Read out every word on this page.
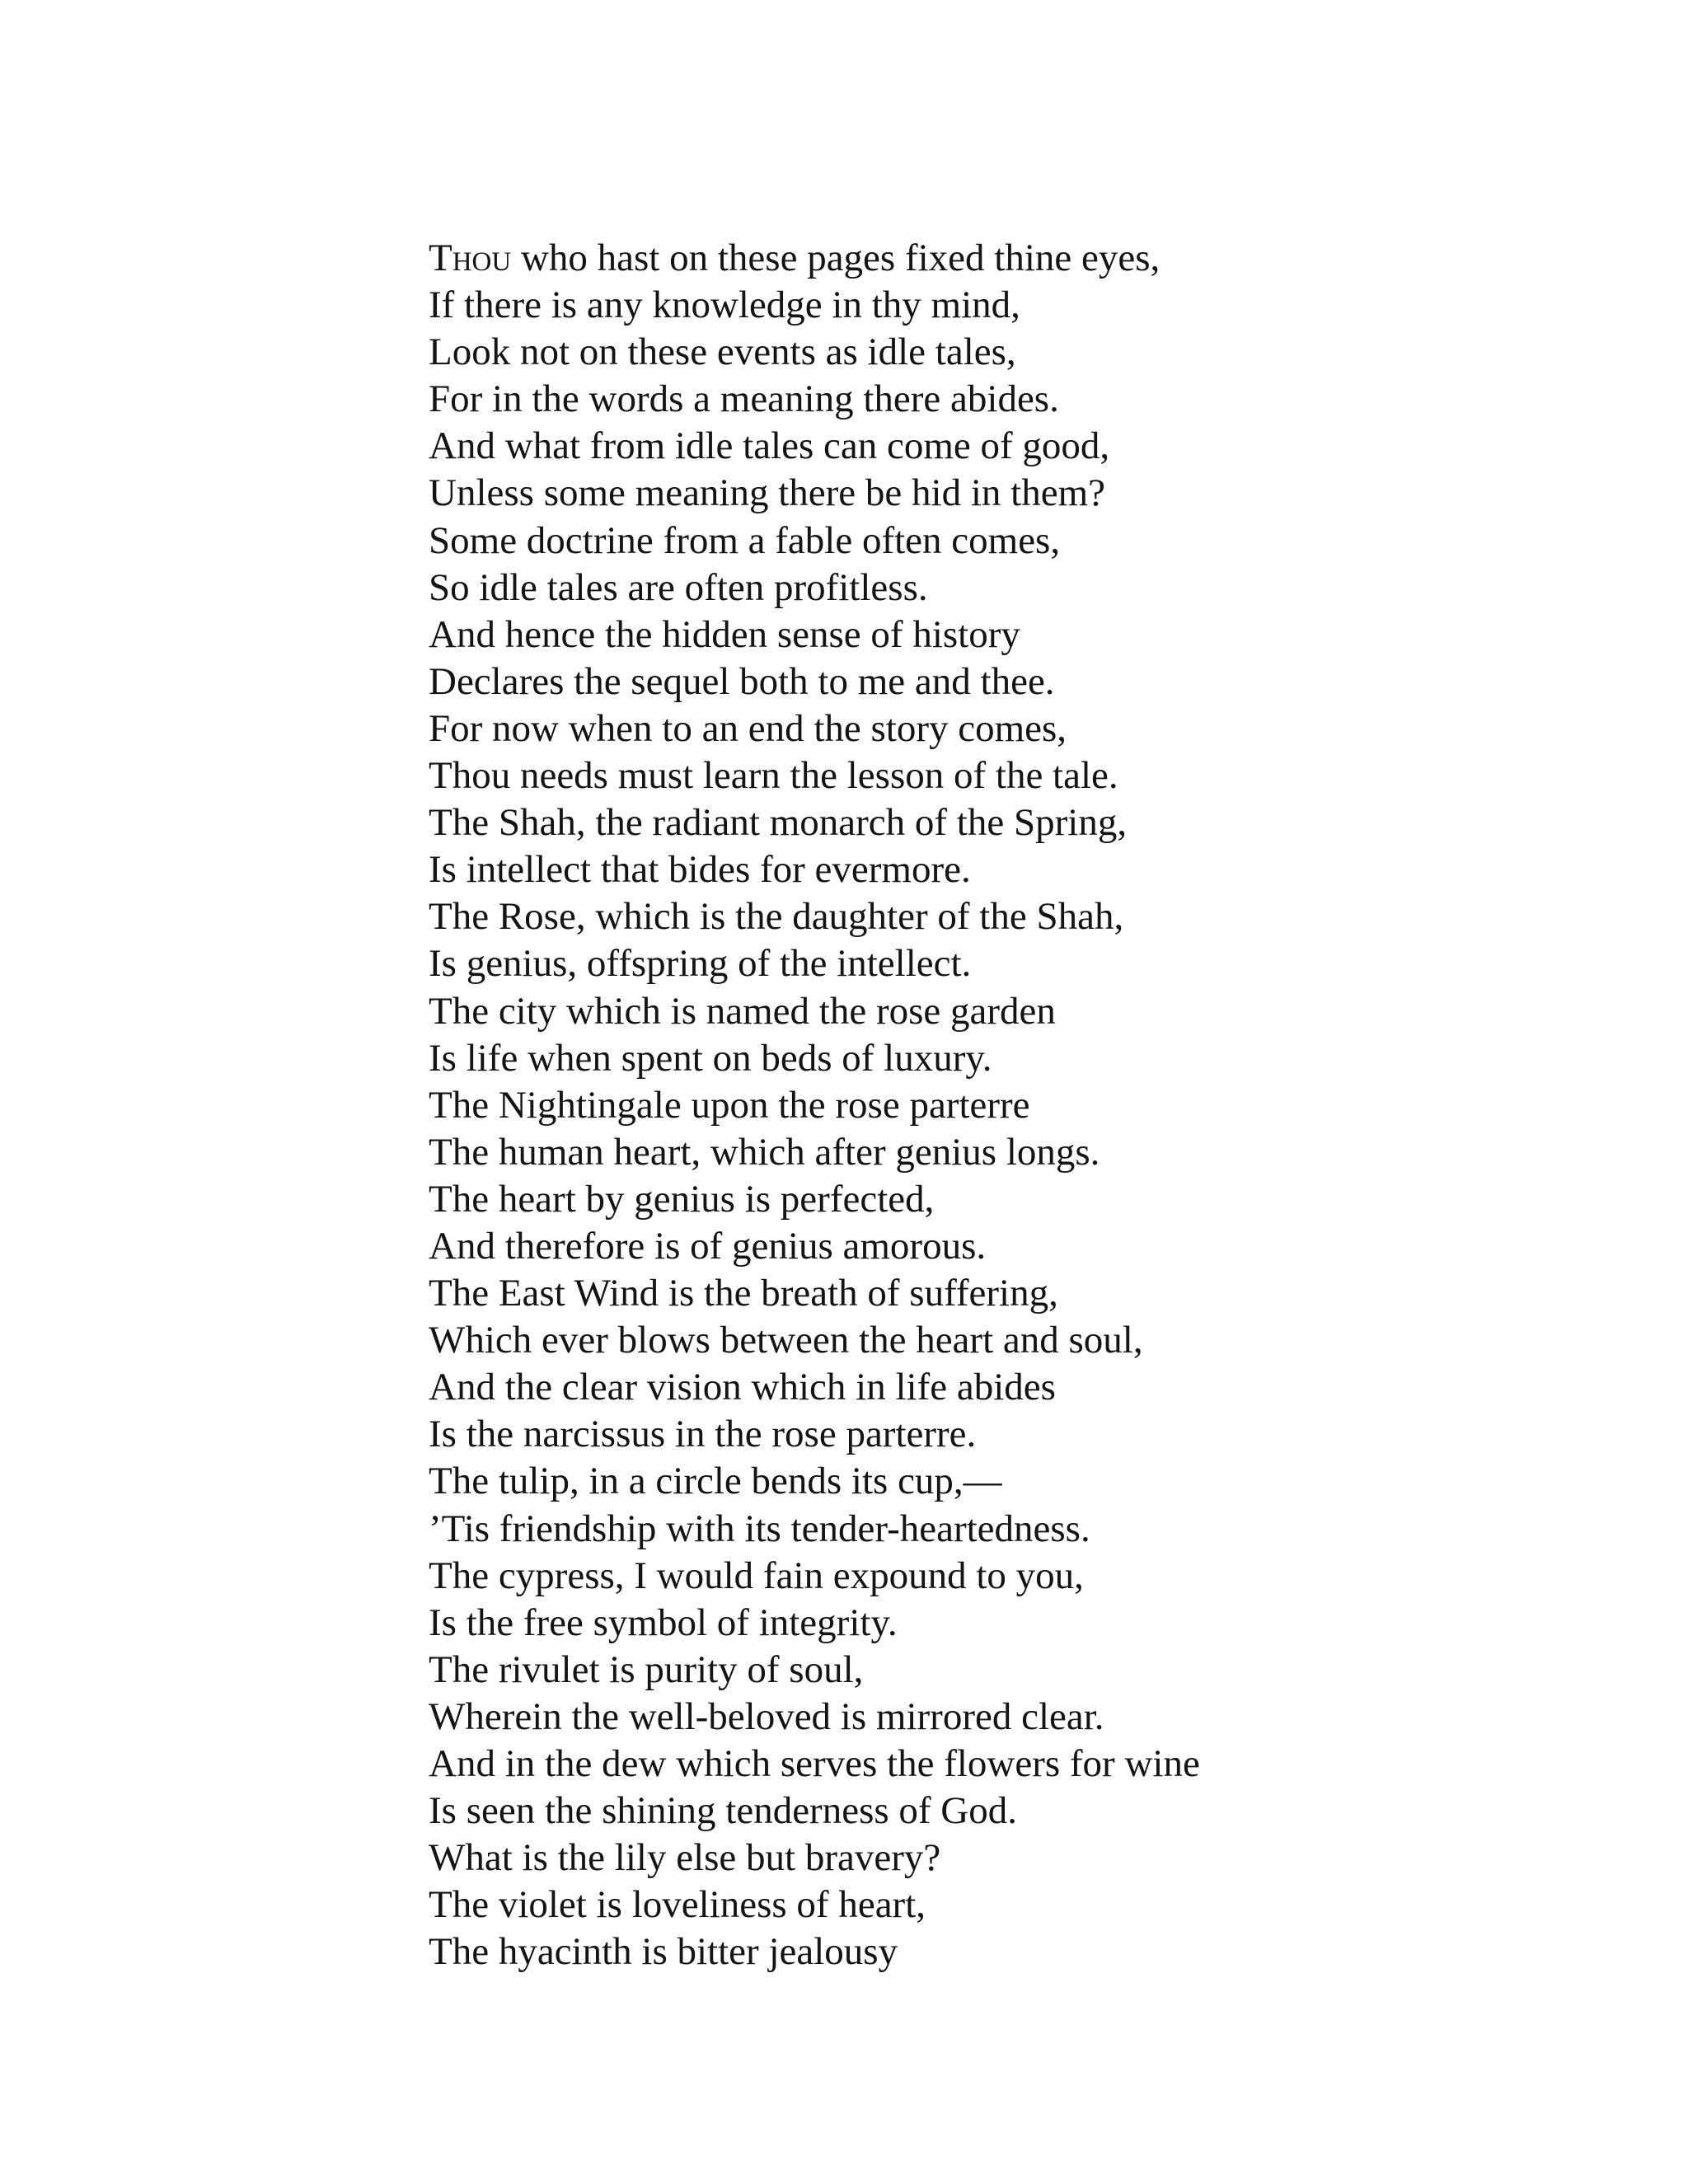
Thou who hast on these pages fixed thine eyes,
If there is any knowledge in thy mind,
Look not on these events as idle tales,
For in the words a meaning there abides.
And what from idle tales can come of good,
Unless some meaning there be hid in them?
Some doctrine from a fable often comes,
So idle tales are often profitless.
And hence the hidden sense of history
Declares the sequel both to me and thee.
For now when to an end the story comes,
Thou needs must learn the lesson of the tale.
The Shah, the radiant monarch of the Spring,
Is intellect that bides for evermore.
The Rose, which is the daughter of the Shah,
Is genius, offspring of the intellect.
The city which is named the rose garden
Is life when spent on beds of luxury.
The Nightingale upon the rose parterre
The human heart, which after genius longs.
The heart by genius is perfected,
And therefore is of genius amorous.
The East Wind is the breath of suffering,
Which ever blows between the heart and soul,
And the clear vision which in life abides
Is the narcissus in the rose parterre.
The tulip, in a circle bends its cup,—
’Tis friendship with its tender-heartedness.
The cypress, I would fain expound to you,
Is the free symbol of integrity.
The rivulet is purity of soul,
Wherein the well-beloved is mirrored clear.
And in the dew which serves the flowers for wine
Is seen the shining tenderness of God.
What is the lily else but bravery?
The violet is loveliness of heart,
The hyacinth is bitter jealousy
